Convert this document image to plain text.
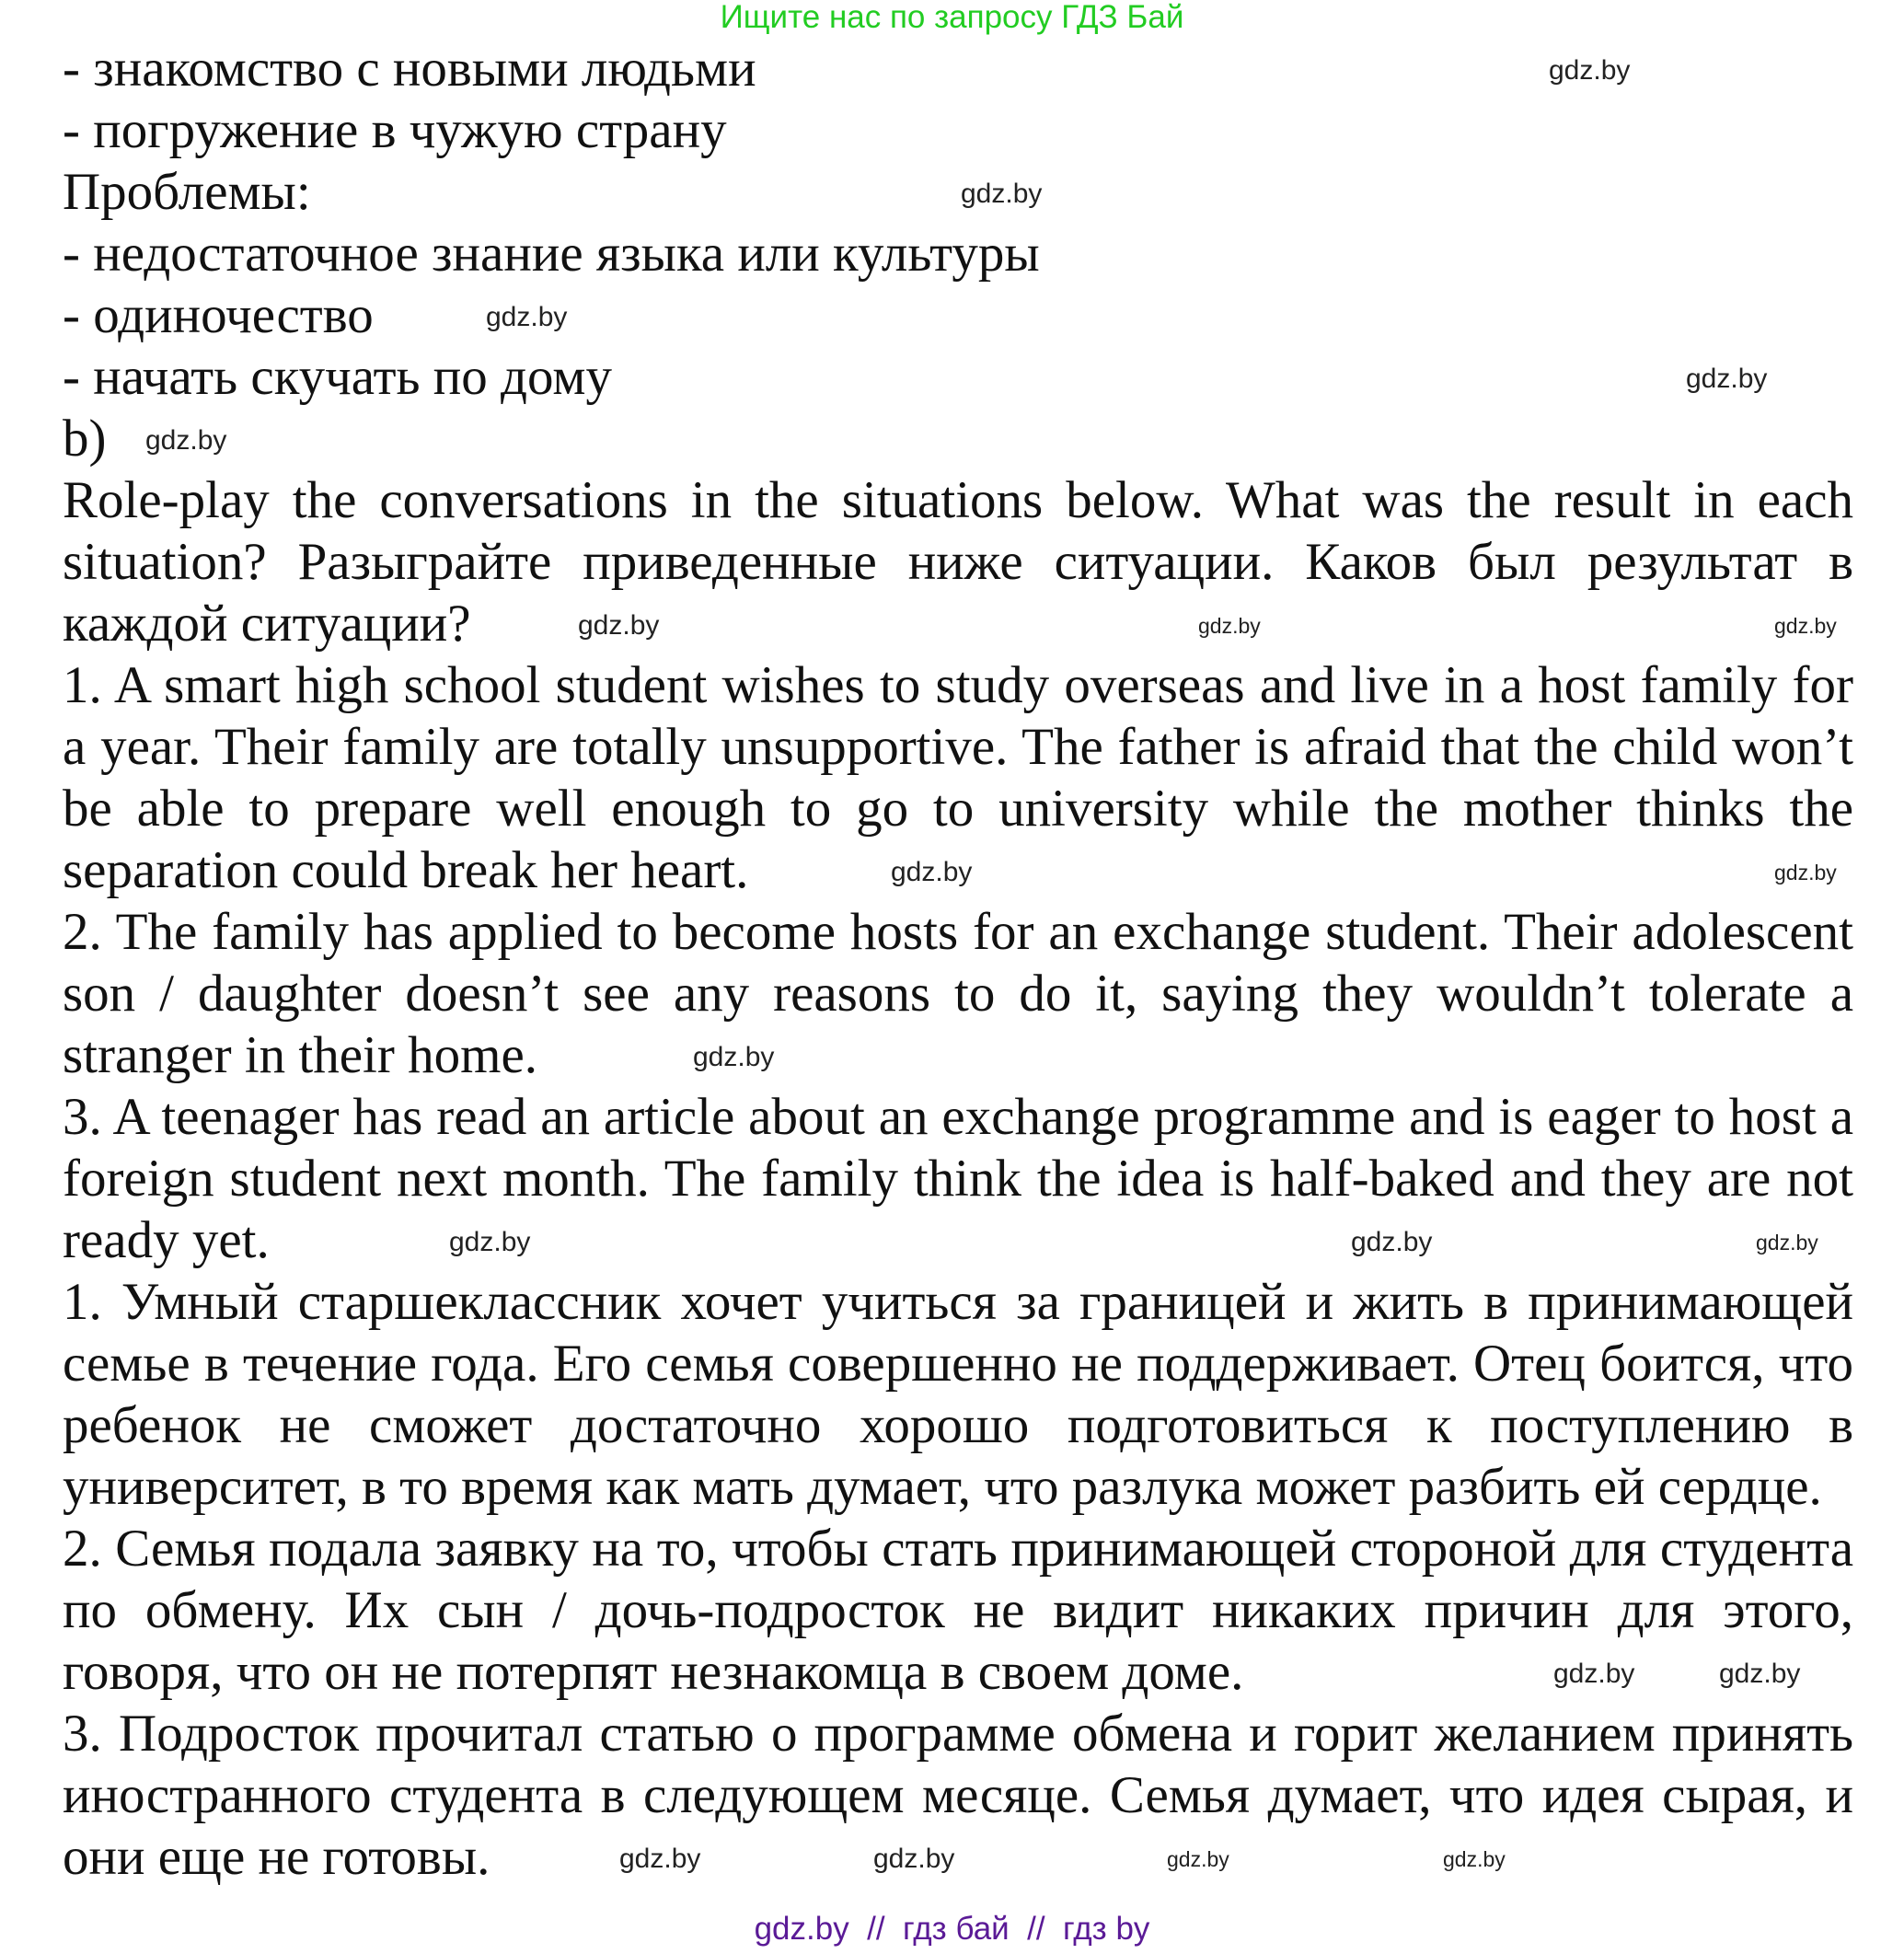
Ищите нас по запросу ГДЗ Бай

- знакомство с новыми людьми	gdz.by

- погружение в чужую страну

Проблемы:	gdz.by

- недостаточное знание языка или культуры

- одиночество	gdz.by

- начать скучать по дому	gdz.by

b) gdz.by

Role-play the conversations in the situations below. What was the result in each situation? Разыграйте приведенные ниже ситуации. Каков был результат в каждой ситуации?	gdz.by	gdz.by	gdz.by

1. A smart high school student wishes to study overseas and live in a host family for a year. Their family are totally unsupportive. The father is afraid that the child won’t be able to prepare well enough to go to university while the mother thinks the separation could break her heart.	gdz.by	gdz.by

2. The family has applied to become hosts for an exchange student. Their adolescent son / daughter doesn’t see any reasons to do it, saying they wouldn’t tolerate a stranger in their home.	gdz.by

3. A teenager has read an article about an exchange programme and is eager to host a foreign student next month. The family think the idea is half-baked and they are not ready yet.	gdz.by	gdz.by	gdz.by

1. Умный старшеклассник хочет учиться за границей и жить в принимающей семье в течение года. Его семья совершенно не поддерживает. Отец боится, что ребенок не сможет достаточно хорошо подготовиться к поступлению в университет, в то время как мать думает, что разлука может разбить ей сердце.

2. Семья подала заявку на то, чтобы стать принимающей стороной для студента по обмену. Их сын / дочь-подросток не видит никаких причин для этого, говоря, что он не потерпят незнакомца в своем доме.	gdz.by	gdz.by

3. Подросток прочитал статью о программе обмена и горит желанием принять иностранного студента в следующем месяце. Семья думает, что идея сырая, и они еще не готовы.	gdz.by	gdz.by	gdz.by	gdz.by

gdz.by  //  гдз бай  //  гдз by
